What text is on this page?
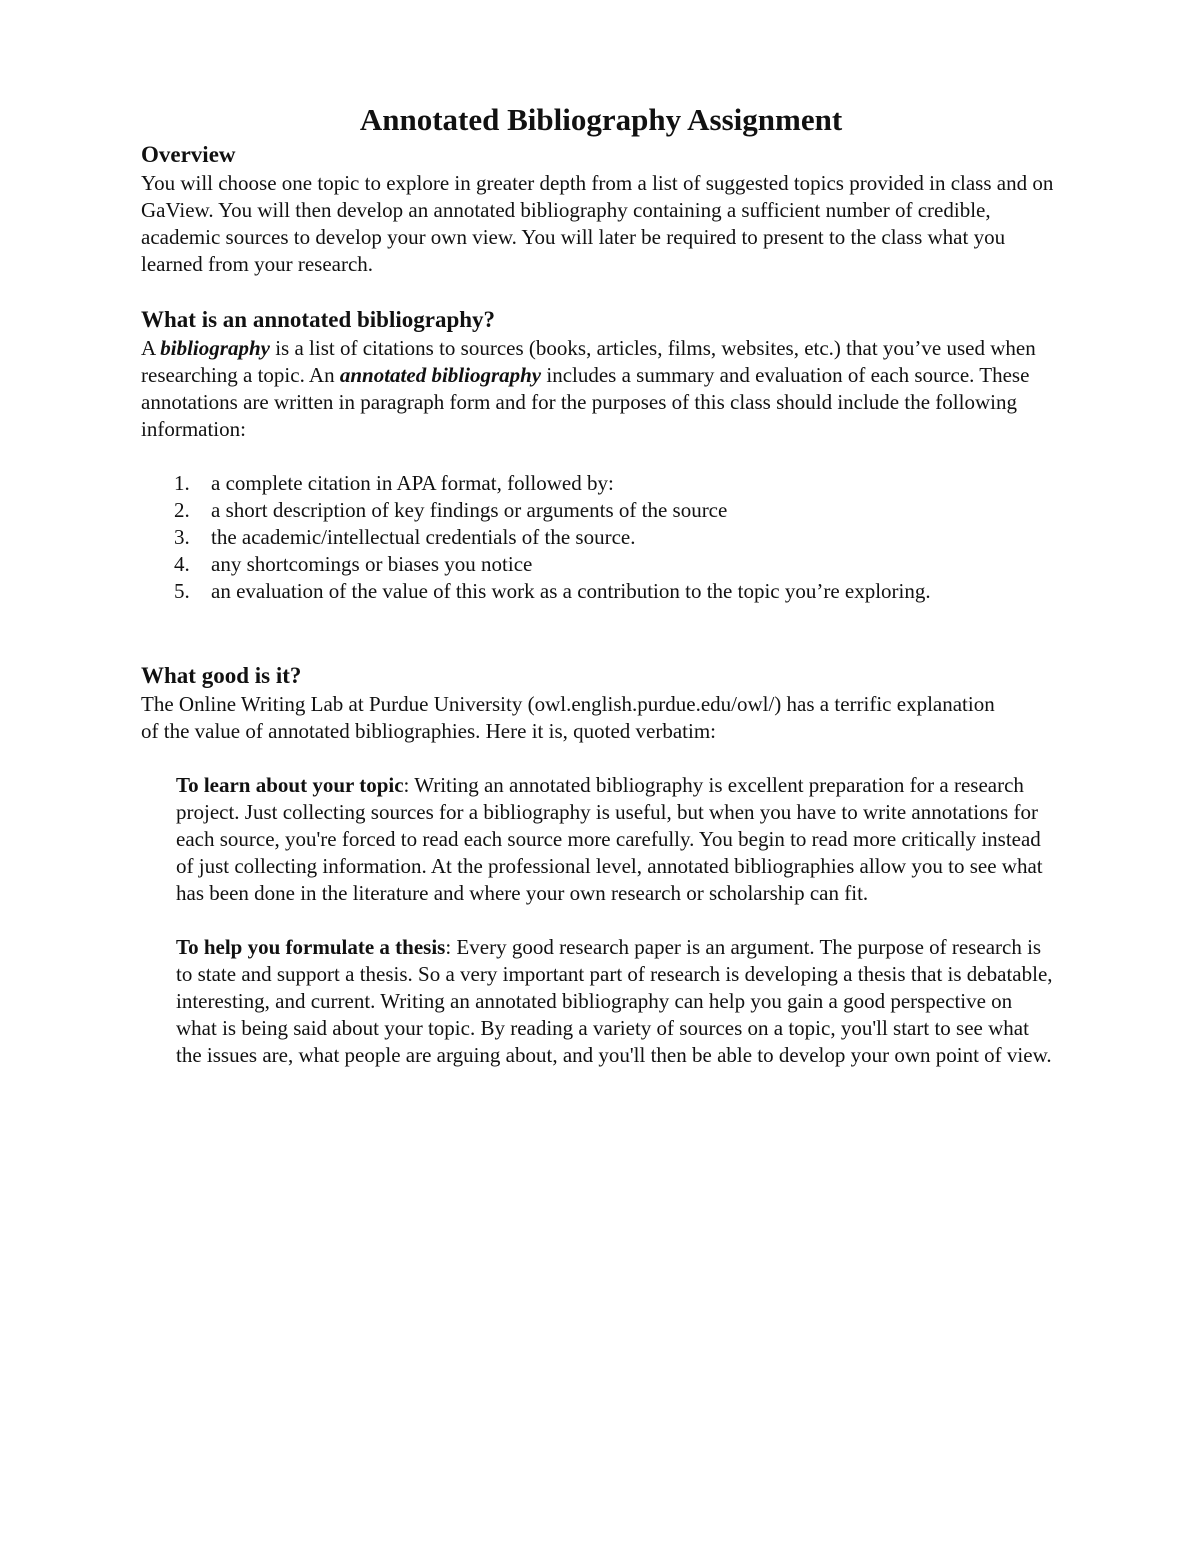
Annotated Bibliography Assignment
Overview

You will choose one topic to explore in greater depth from a list of suggested topics provided in class and on GaView. You will then develop an annotated bibliography containing a sufficient number of credible, academic sources to develop your own view. You will later be required to present to the class what you learned from your research.

What is an annotated bibliography?

A bibliography is a list of citations to sources (books, articles, films, websites, etc.) that you’ve used when researching a topic. An annotated bibliography includes a summary and evaluation of each source. These annotations are written in paragraph form and for the purposes of this class should include the following information:

1. a complete citation in APA format, followed by:
2. a short description of key findings or arguments of the source
3. the academic/intellectual credentials of the source.
4. any shortcomings or biases you notice
5. an evaluation of the value of this work as a contribution to the topic you’re exploring.
What good is it?

The Online Writing Lab at Purdue University (owl.english.purdue.edu/owl/) has a terrific explanation of the value of annotated bibliographies. Here it is, quoted verbatim:

To learn about your topic: Writing an annotated bibliography is excellent preparation for a research project. Just collecting sources for a bibliography is useful, but when you have to write annotations for each source, you're forced to read each source more carefully. You begin to read more critically instead of just collecting information. At the professional level, annotated bibliographies allow you to see what has been done in the literature and where your own research or scholarship can fit.

To help you formulate a thesis: Every good research paper is an argument. The purpose of research is to state and support a thesis. So a very important part of research is developing a thesis that is debatable, interesting, and current. Writing an annotated bibliography can help you gain a good perspective on what is being said about your topic. By reading a variety of sources on a topic, you'll start to see what the issues are, what people are arguing about, and you'll then be able to develop your own point of view.
